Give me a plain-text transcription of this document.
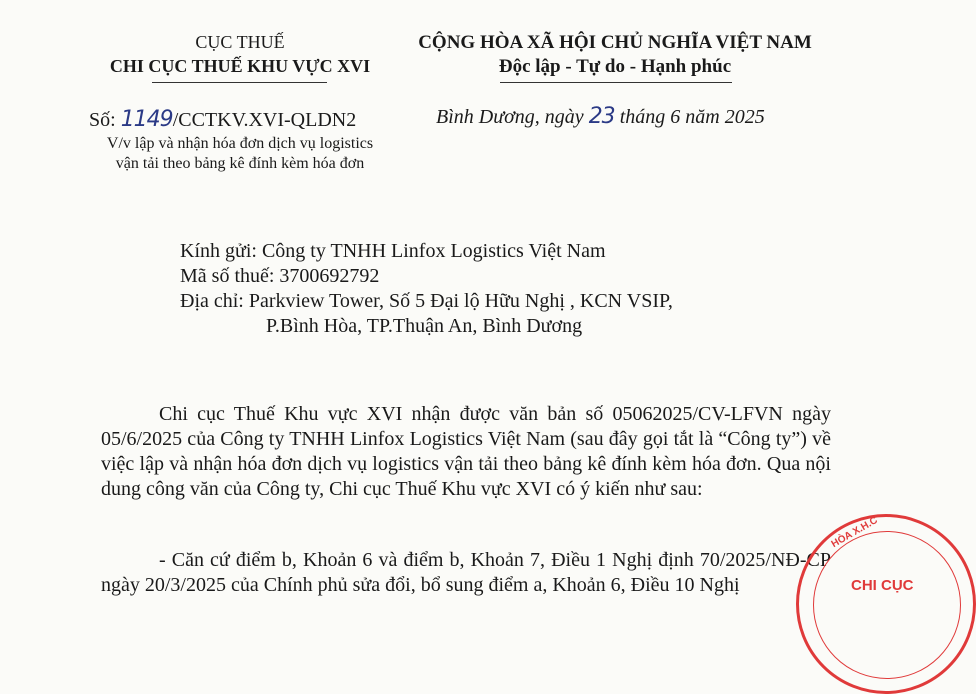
CỤC THUẾ
CHI CỤC THUẾ KHU VỰC XVI
CỘNG HÒA XÃ HỘI CHỦ NGHĨA VIỆT NAM
Độc lập - Tự do - Hạnh phúc
Số: 1149/CCTKV.XVI-QLDN2
V/v lập và nhận hóa đơn dịch vụ logistics
vận tải theo bảng kê đính kèm hóa đơn
Bình Dương, ngày 23 tháng 6 năm 2025
Kính gửi: Công ty TNHH Linfox Logistics Việt Nam
Mã số thuế: 3700692792
Địa chỉ: Parkview Tower, Số 5 Đại lộ Hữu Nghị , KCN VSIP,
P.Bình Hòa, TP.Thuận An, Bình Dương
Chi cục Thuế Khu vực XVI nhận được văn bản số 05062025/CV-LFVN ngày 05/6/2025 của Công ty TNHH Linfox Logistics Việt Nam (sau đây gọi tắt là “Công ty”) về việc lập và nhận hóa đơn dịch vụ logistics vận tải theo bảng kê đính kèm hóa đơn. Qua nội dung công văn của Công ty, Chi cục Thuế Khu vực XVI có ý kiến như sau:
- Căn cứ điểm b, Khoản 6 và điểm b, Khoản 7, Điều 1 Nghị định 70/2025/NĐ-CP ngày 20/3/2025 của Chính phủ sửa đổi, bổ sung điểm a, Khoản 6, Điều 10 Nghị
HÒA X.H.C
CHI CỤC
